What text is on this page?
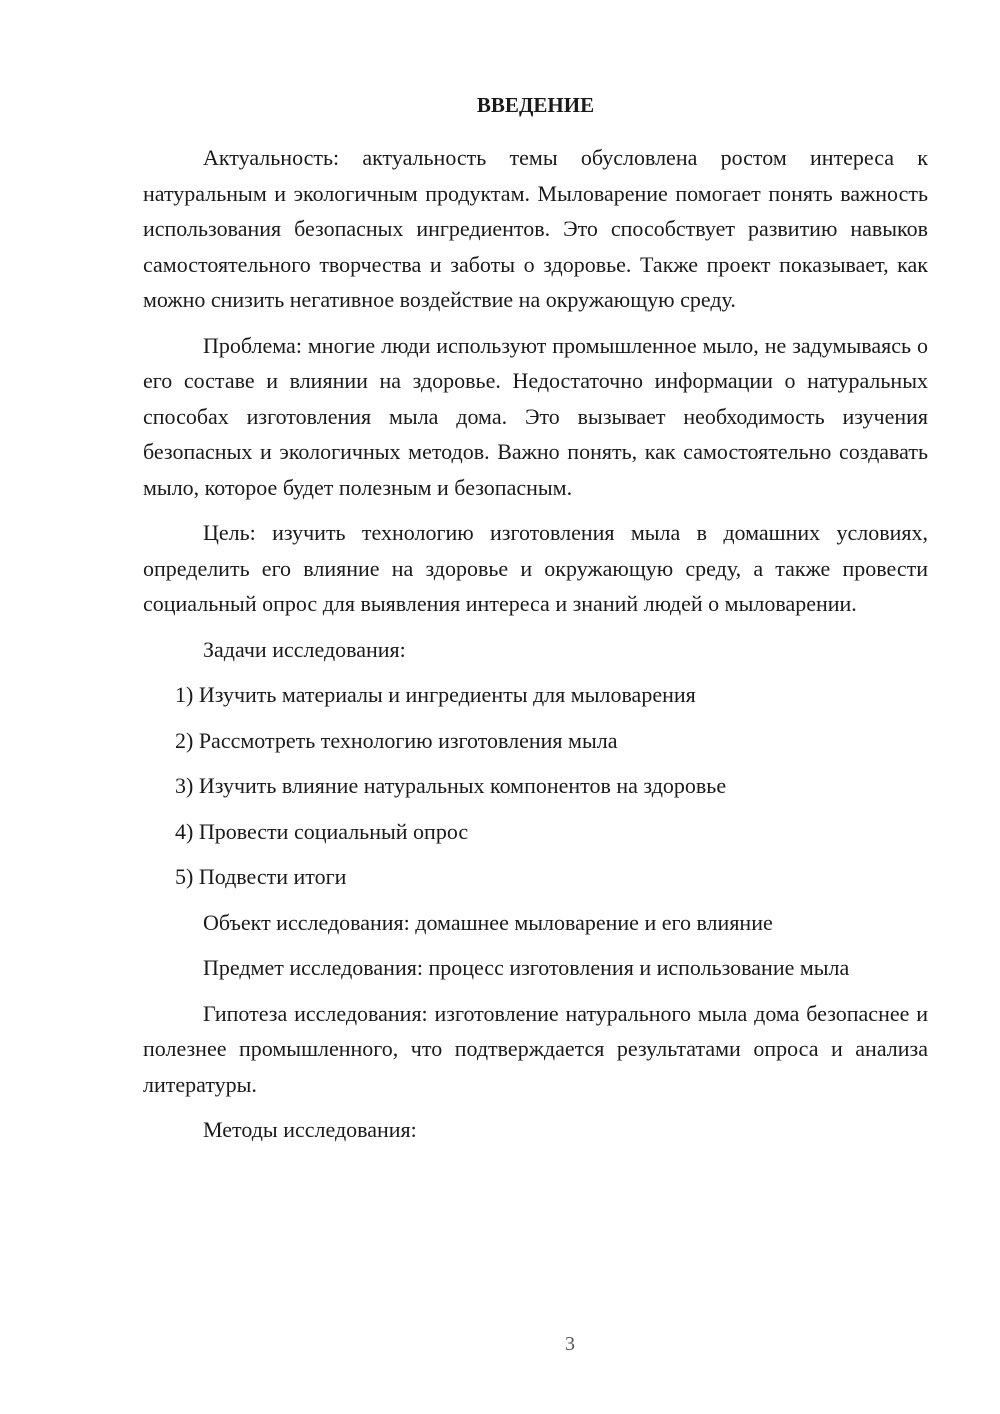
ВВЕДЕНИЕ

Актуальность: актуальность темы обусловлена ростом интереса к натуральным и экологичным продуктам. Мыловарение помогает понять важность использования безопасных ингредиентов. Это способствует развитию навыков самостоятельного творчества и заботы о здоровье. Также проект показывает, как можно снизить негативное воздействие на окружающую среду.

Проблема: многие люди используют промышленное мыло, не задумываясь о его составе и влиянии на здоровье. Недостаточно информации о натуральных способах изготовления мыла дома. Это вызывает необходимость изучения безопасных и экологичных методов. Важно понять, как самостоятельно создавать мыло, которое будет полезным и безопасным.

Цель: изучить технологию изготовления мыла в домашних условиях, определить его влияние на здоровье и окружающую среду, а также провести социальный опрос для выявления интереса и знаний людей о мыловарении.

Задачи исследования:

1) Изучить материалы и ингредиенты для мыловарения

2) Рассмотреть технологию изготовления мыла

3) Изучить влияние натуральных компонентов на здоровье

4) Провести социальный опрос

5) Подвести итоги

Объект исследования: домашнее мыловарение и его влияние

Предмет исследования: процесс изготовления и использование мыла

Гипотеза исследования: изготовление натурального мыла дома безопаснее и полезнее промышленного, что подтверждается результатами опроса и анализа литературы.

Методы исследования:

3
